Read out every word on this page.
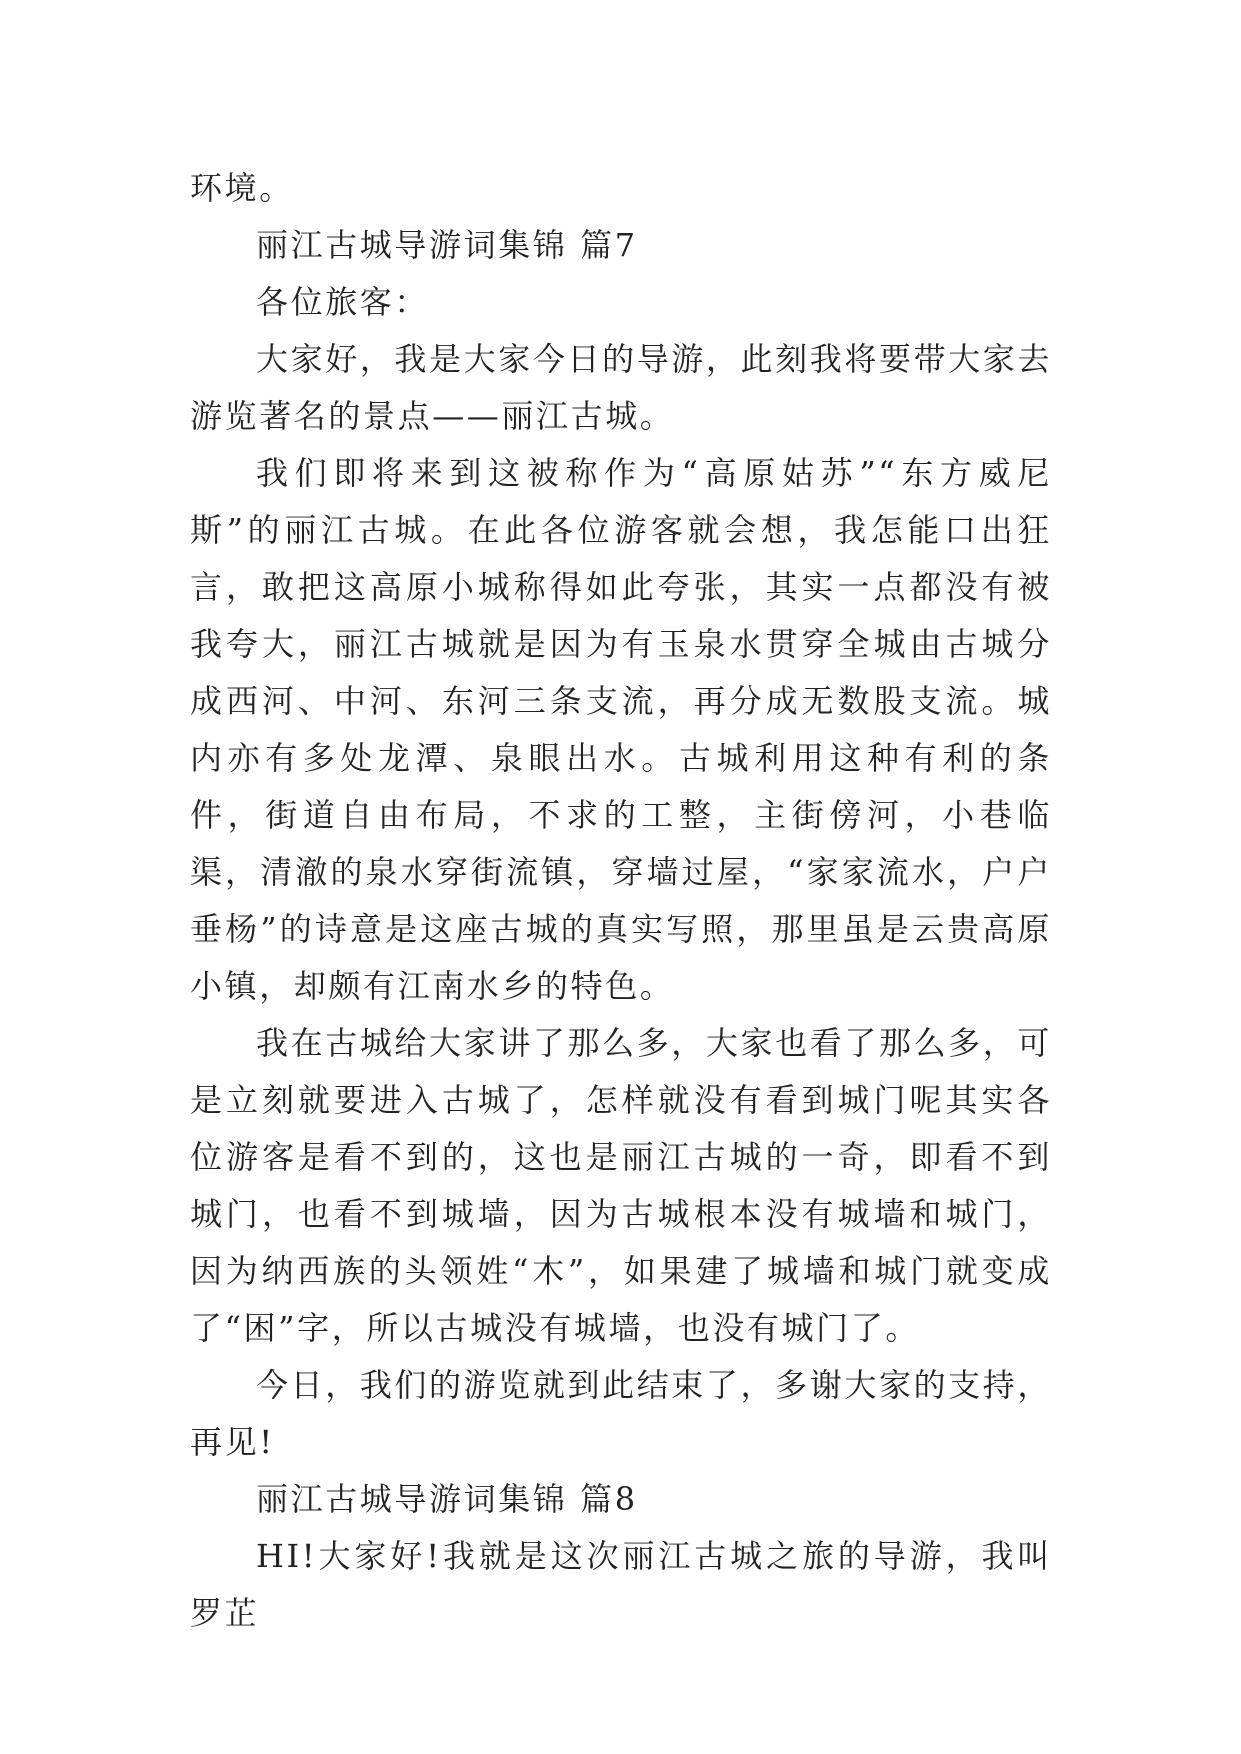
环境。

丽江古城导游词集锦 篇7

各位旅客：

大家好，我是大家今日的导游，此刻我将要带大家去游览著名的景点——丽江古城。

我们即将来到这被称作为“高原姑苏”“东方威尼斯”的丽江古城。在此各位游客就会想，我怎能口出狂言，敢把这高原小城称得如此夸张，其实一点都没有被我夸大，丽江古城就是因为有玉泉水贯穿全城由古城分成西河、中河、东河三条支流，再分成无数股支流。城内亦有多处龙潭、泉眼出水。古城利用这种有利的条件，街道自由布局，不求的工整，主街傍河，小巷临渠，清澈的泉水穿街流镇，穿墙过屋，“家家流水，户户垂杨”的诗意是这座古城的真实写照，那里虽是云贵高原小镇，却颇有江南水乡的特色。

我在古城给大家讲了那么多，大家也看了那么多，可是立刻就要进入古城了，怎样就没有看到城门呢其实各位游客是看不到的，这也是丽江古城的一奇，即看不到城门，也看不到城墙，因为古城根本没有城墙和城门，因为纳西族的头领姓“木”，如果建了城墙和城门就变成了“困”字，所以古城没有城墙，也没有城门了。

今日，我们的游览就到此结束了，多谢大家的支持，再见!

丽江古城导游词集锦 篇8

HI!大家好!我就是这次丽江古城之旅的导游，我叫罗芷
